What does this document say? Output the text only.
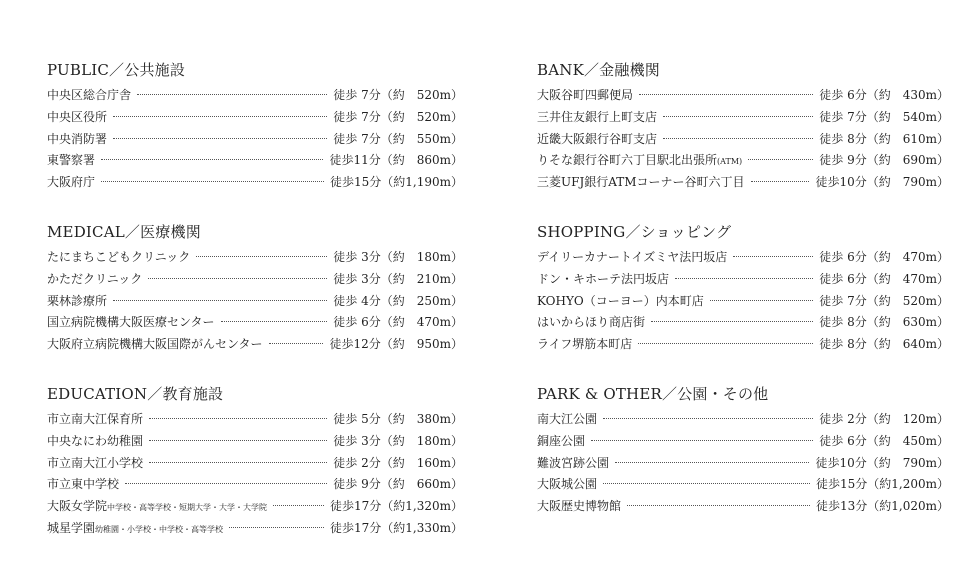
PUBLIC／公共施設
中央区総合庁舎	徒歩 7分（約　520m）
中央区役所	徒歩 7分（約　520m）
中央消防署	徒歩 7分（約　550m）
東警察署	徒歩11分（約　860m）
大阪府庁	徒歩15分（約1,190m）
MEDICAL／医療機関
たにまちこどもクリニック	徒歩 3分（約　180m）
かただクリニック	徒歩 3分（約　210m）
栗林診療所	徒歩 4分（約　250m）
国立病院機構大阪医療センター	徒歩 6分（約　470m）
大阪府立病院機構大阪国際がんセンター	徒歩12分（約　950m）
EDUCATION／教育施設
市立南大江保育所	徒歩 5分（約　380m）
中央なにわ幼稚園	徒歩 3分（約　180m）
市立南大江小学校	徒歩 2分（約　160m）
市立東中学校	徒歩 9分（約　660m）
大阪女学院中学校・高等学校・短期大学・大学・大学院	徒歩17分（約1,320m）
城星学園幼稚園・小学校・中学校・高等学校	徒歩17分（約1,330m）
BANK／金融機関
大阪谷町四郵便局	徒歩 6分（約　430m）
三井住友銀行上町支店	徒歩 7分（約　540m）
近畿大阪銀行谷町支店	徒歩 8分（約　610m）
りそな銀行谷町六丁目駅北出張所(ATM)	徒歩 9分（約　690m）
三菱UFJ銀行ATMコーナー谷町六丁目	徒歩10分（約　790m）
SHOPPING／ショッピング
デイリーカナートイズミヤ法円坂店	徒歩 6分（約　470m）
ドン・キホーテ法円坂店	徒歩 6分（約　470m）
KOHYO（コーヨー）内本町店	徒歩 7分（約　520m）
はいからほり商店街	徒歩 8分（約　630m）
ライフ堺筋本町店	徒歩 8分（約　640m）
PARK & OTHER／公園・その他
南大江公園	徒歩 2分（約　120m）
銅座公園	徒歩 6分（約　450m）
難波宮跡公園	徒歩10分（約　790m）
大阪城公園	徒歩15分（約1,200m）
大阪歴史博物館	徒歩13分（約1,020m）
